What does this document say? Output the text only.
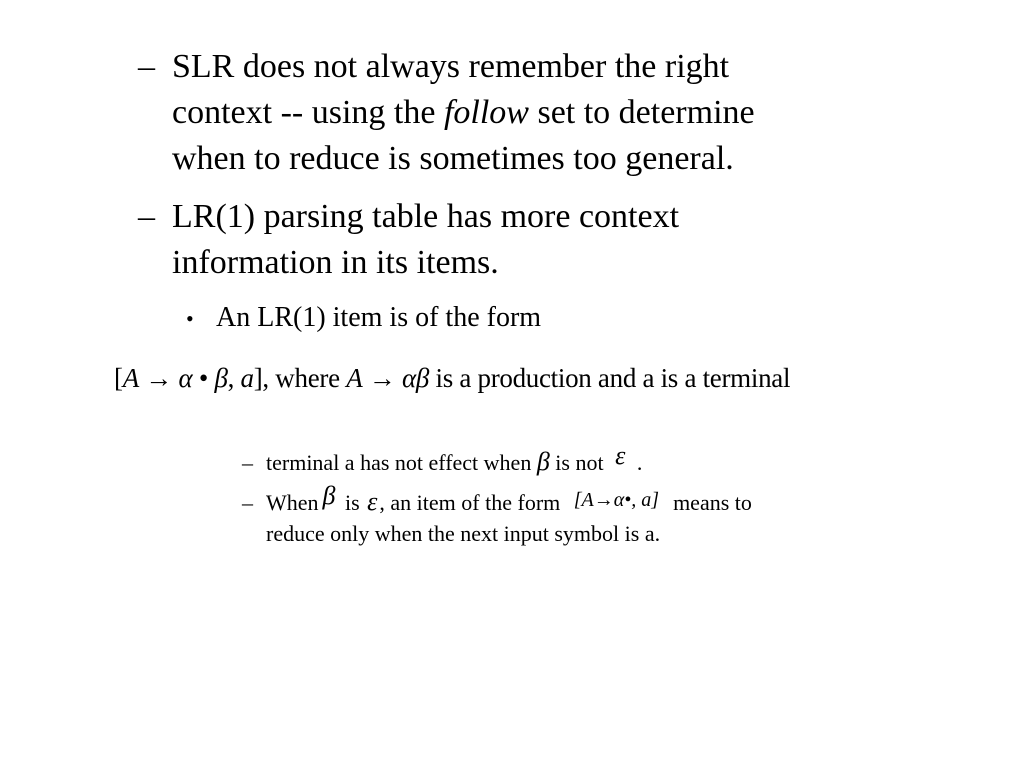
– SLR does not always remember the right
context -- using the follow set to determine
when to reduce is sometimes too general.
– LR(1) parsing table has more context
information in its items.
• An LR(1) item is of the form
[A → α • β, a], where A → αβ is a production and a is a terminal
– terminal a has not effect when β is not ε .
– When β is ε, an item of the form [A→α•, a] means to
reduce only when the next input symbol is a.
